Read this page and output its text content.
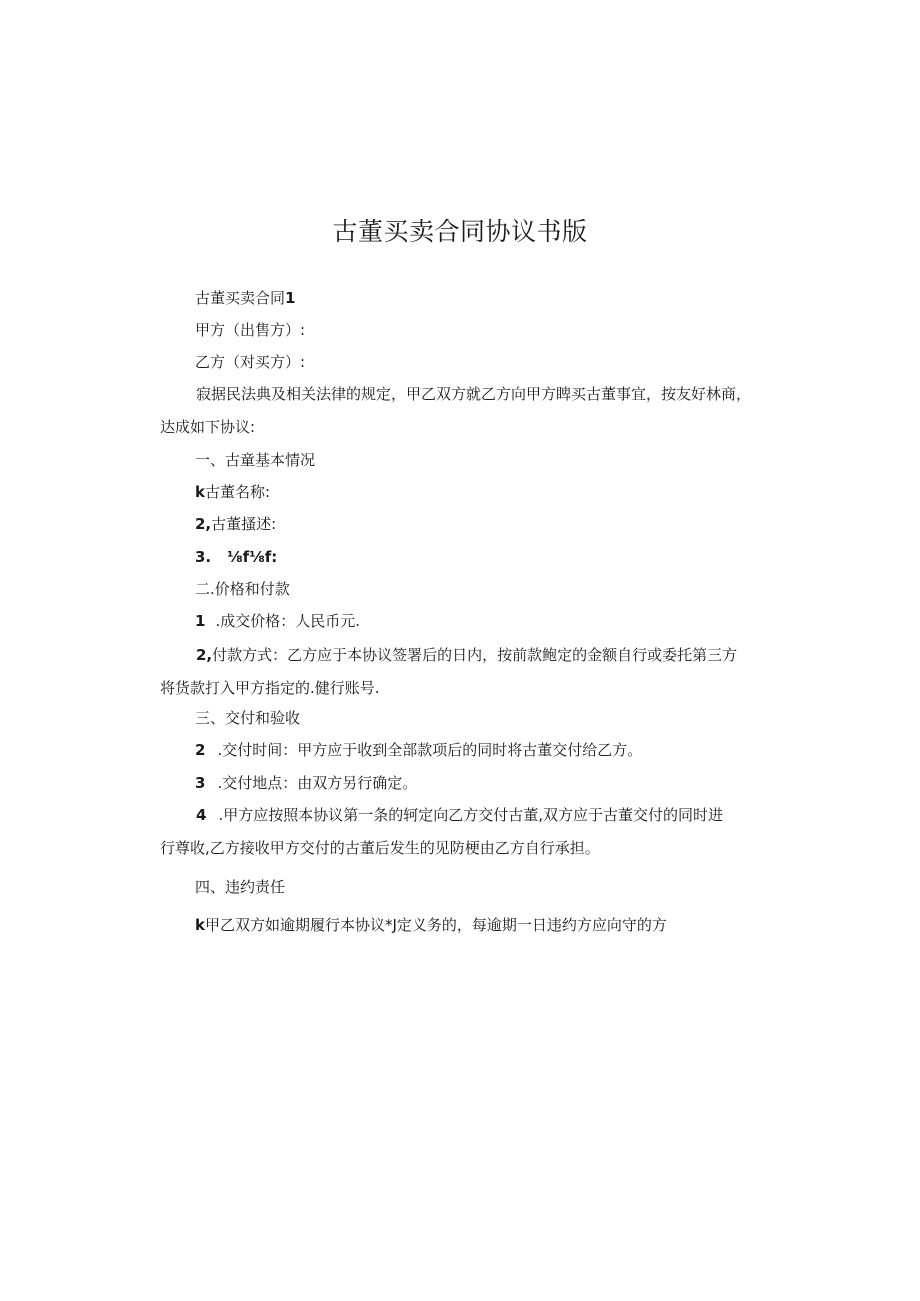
古董买卖合同协议书版
古董买卖合同1
甲方（出售方）:
乙方（对买方）:
寂据民法典及相关法律的规定，甲乙双方就乙方向甲方睥买古董事宜，按友好林商，
达成如下协议:
一、古童基本情况
k古董名称:
2,古董搔述:
3. ⅛f⅛f:
二.价格和付款
1 .成交价格：人民币元.
2,付款方式：乙方应于本协议签署后的日内，按前款鲍定的金额自行或委托第三方
将货款打入甲方指定的.健行账号.
三、交付和验收
2 .交付时间：甲方应于收到全部款项后的同时将古董交付给乙方。
3 .交付地点：由双方另行确定。
4 .甲方应按照本协议第一条的轲定向乙方交付古董,双方应于古董交付的同时进
行尊收,乙方接收甲方交付的古董后发生的见防梗由乙方自行承担。
四、违约责任
k甲乙双方如逾期履行本协议*J定义务的，每逾期一日违约方应向守的方
